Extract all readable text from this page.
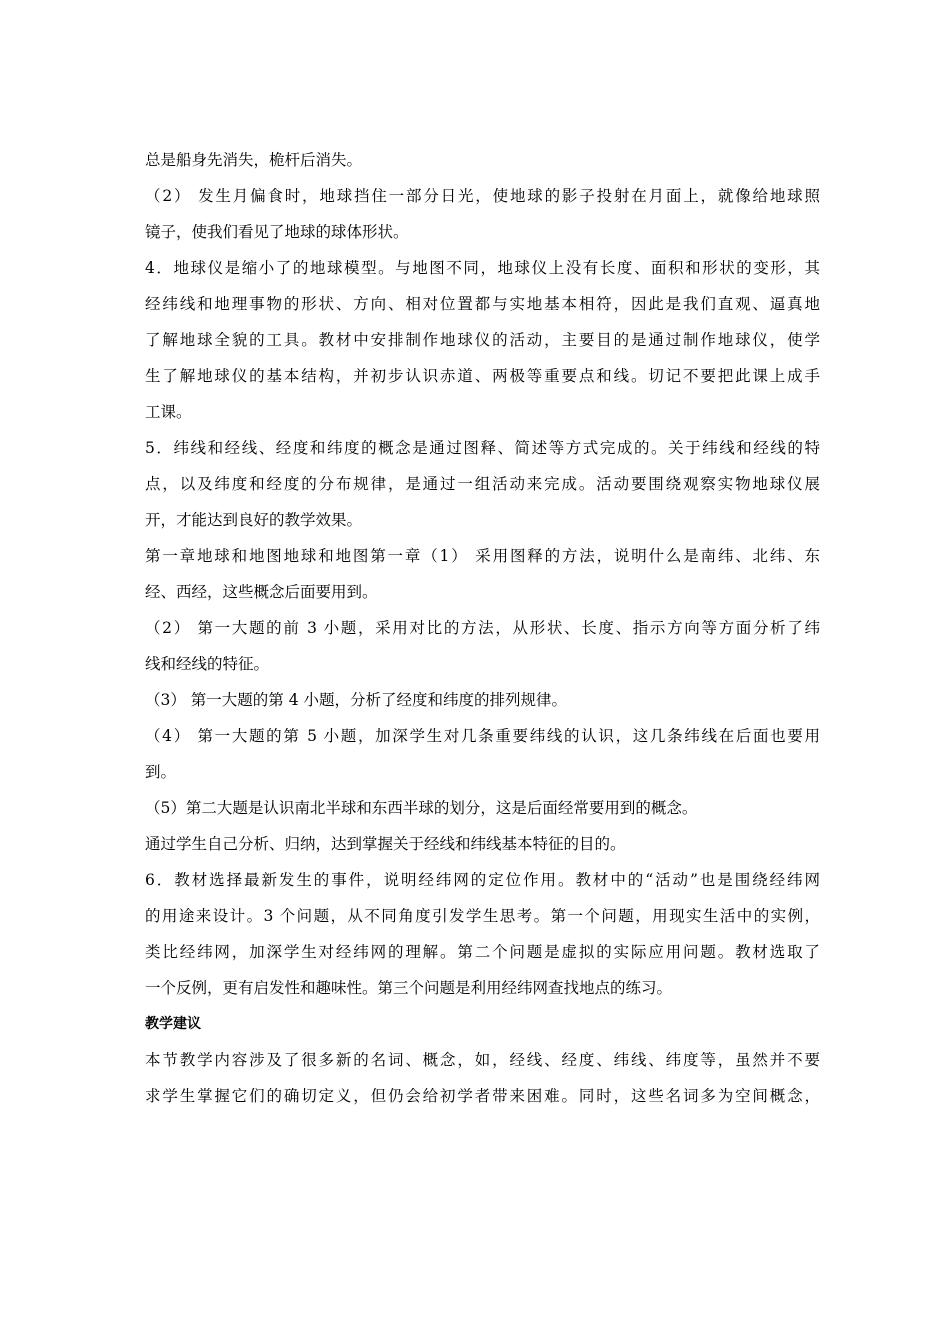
总是船身先消失，桅杆后消失。
（2） 发生月偏食时，地球挡住一部分日光，使地球的影子投射在月面上，就像给地球照
镜子，使我们看见了地球的球体形状。
4．地球仪是缩小了的地球模型。与地图不同，地球仪上没有长度、面积和形状的变形，其
经纬线和地理事物的形状、方向、相对位置都与实地基本相符，因此是我们直观、逼真地
了解地球全貌的工具。教材中安排制作地球仪的活动，主要目的是通过制作地球仪，使学
生了解地球仪的基本结构，并初步认识赤道、两极等重要点和线。切记不要把此课上成手
工课。
5．纬线和经线、经度和纬度的概念是通过图释、简述等方式完成的。关于纬线和经线的特
点，以及纬度和经度的分布规律，是通过一组活动来完成。活动要围绕观察实物地球仪展
开，才能达到良好的教学效果。
第一章地球和地图地球和地图第一章（1） 采用图释的方法，说明什么是南纬、北纬、东
经、西经，这些概念后面要用到。
（2） 第一大题的前 3 小题，采用对比的方法，从形状、长度、指示方向等方面分析了纬
线和经线的特征。
（3） 第一大题的第 4 小题，分析了经度和纬度的排列规律。
（4） 第一大题的第 5 小题，加深学生对几条重要纬线的认识，这几条纬线在后面也要用
到。
（5）第二大题是认识南北半球和东西半球的划分，这是后面经常要用到的概念。
通过学生自己分析、归纳，达到掌握关于经线和纬线基本特征的目的。
6．教材选择最新发生的事件，说明经纬网的定位作用。教材中的“活动”也是围绕经纬网
的用途来设计。3 个问题，从不同角度引发学生思考。第一个问题，用现实生活中的实例，
类比经纬网，加深学生对经纬网的理解。第二个问题是虚拟的实际应用问题。教材选取了
一个反例，更有启发性和趣味性。第三个问题是利用经纬网查找地点的练习。
教学建议
本节教学内容涉及了很多新的名词、概念，如，经线、经度、纬线、纬度等，虽然并不要
求学生掌握它们的确切定义，但仍会给初学者带来困难。同时，这些名词多为空间概念，
